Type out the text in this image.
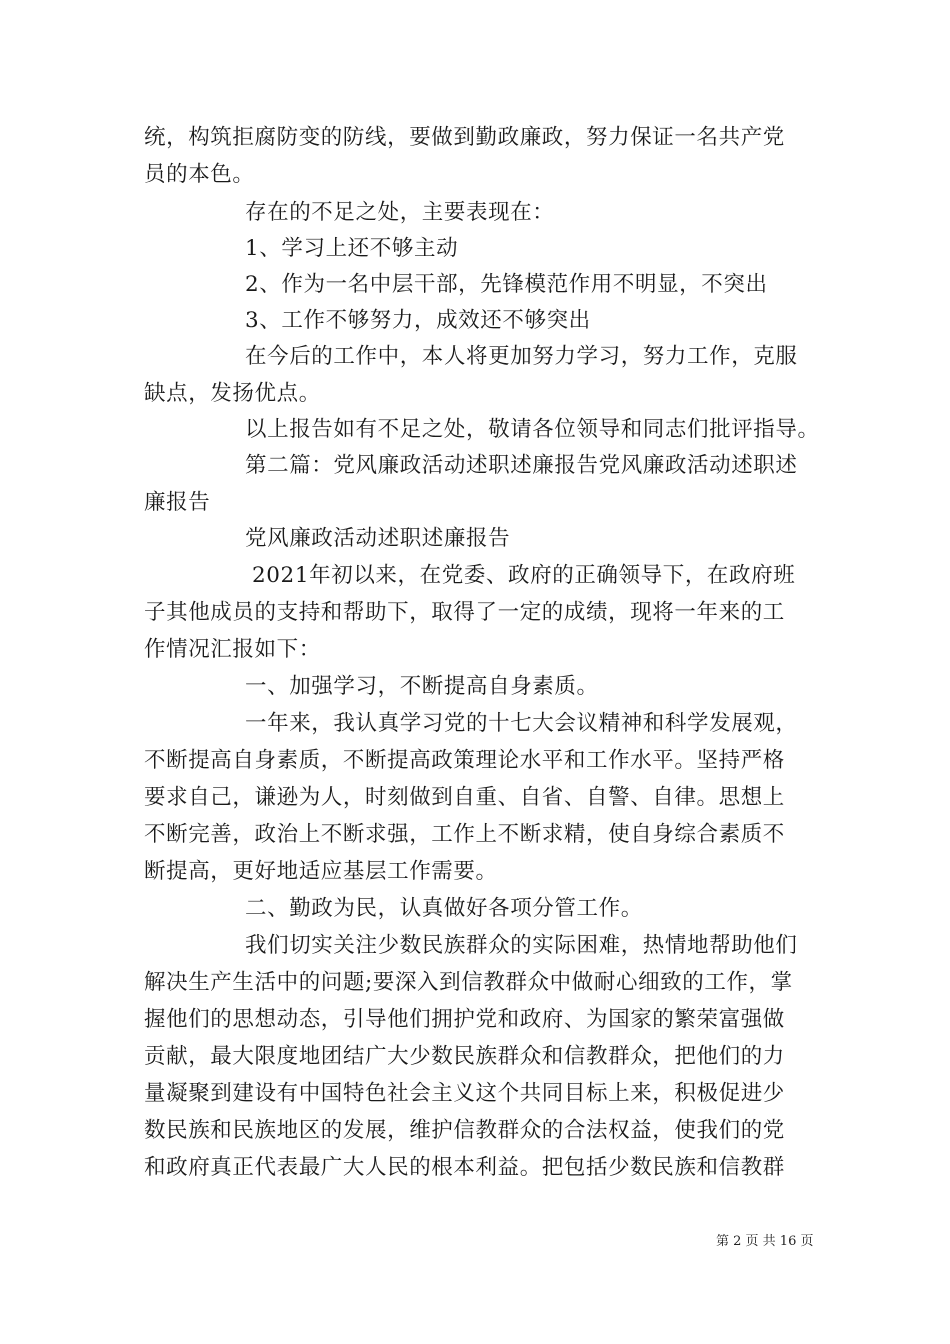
统，构筑拒腐防变的防线，要做到勤政廉政，努力保证一名共产党
员的本色。
存在的不足之处，主要表现在：
1、学习上还不够主动
2、作为一名中层干部，先锋模范作用不明显，不突出
3、工作不够努力，成效还不够突出
在今后的工作中，本人将更加努力学习，努力工作，克服
缺点，发扬优点。
以上报告如有不足之处，敬请各位领导和同志们批评指导。
第二篇：党风廉政活动述职述廉报告党风廉政活动述职述
廉报告
党风廉政活动述职述廉报告
2021年初以来，在党委、政府的正确领导下，在政府班
子其他成员的支持和帮助下，取得了一定的成绩，现将一年来的工
作情况汇报如下：
一、加强学习，不断提高自身素质。
一年来，我认真学习党的十七大会议精神和科学发展观，
不断提高自身素质，不断提高政策理论水平和工作水平。坚持严格
要求自己，谦逊为人，时刻做到自重、自省、自警、自律。思想上
不断完善，政治上不断求强，工作上不断求精，使自身综合素质不
断提高，更好地适应基层工作需要。
二、勤政为民，认真做好各项分管工作。
我们切实关注少数民族群众的实际困难，热情地帮助他们
解决生产生活中的问题;要深入到信教群众中做耐心细致的工作，掌
握他们的思想动态，引导他们拥护党和政府、为国家的繁荣富强做
贡献，最大限度地团结广大少数民族群众和信教群众，把他们的力
量凝聚到建设有中国特色社会主义这个共同目标上来，积极促进少
数民族和民族地区的发展，维护信教群众的合法权益，使我们的党
和政府真正代表最广大人民的根本利益。把包括少数民族和信教群
第 2 页 共 16 页
